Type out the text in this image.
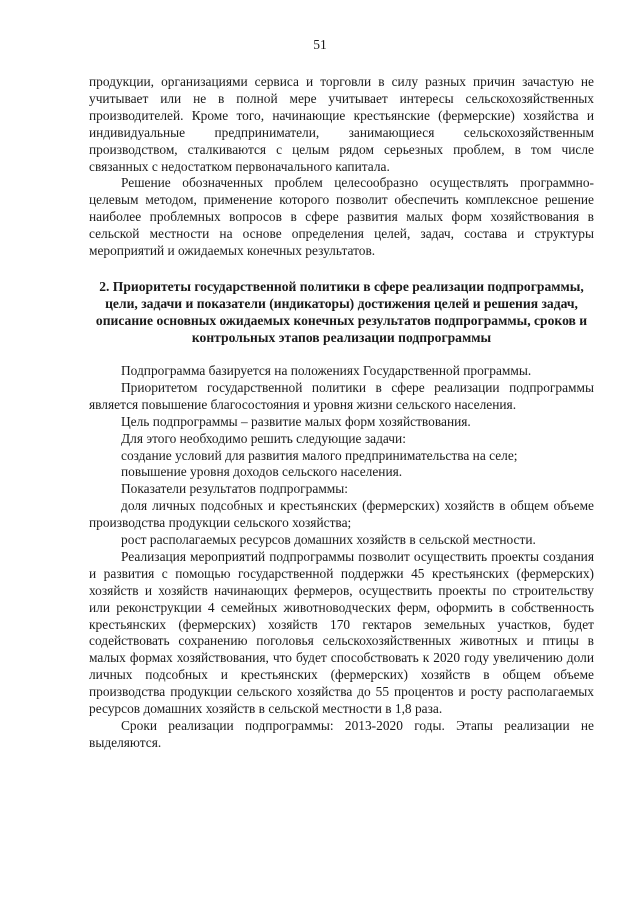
51

продукции, организациями сервиса и торговли в силу разных причин зачастую не учитывает или не в полной мере учитывает интересы сельскохозяйственных производителей. Кроме того, начинающие крестьянские (фермерские) хозяйства и индивидуальные предприниматели, занимающиеся сельскохозяйственным производством, сталкиваются с целым рядом серьезных проблем, в том числе связанных с недостатком первоначального капитала.

Решение обозначенных проблем целесообразно осуществлять программно-целевым методом, применение которого позволит обеспечить комплексное решение наиболее проблемных вопросов в сфере развития малых форм хозяйствования в сельской местности на основе определения целей, задач, состава и структуры мероприятий и ожидаемых конечных результатов.

2. Приоритеты государственной политики в сфере реализации подпрограммы, цели, задачи и показатели (индикаторы) достижения целей и решения задач, описание основных ожидаемых конечных результатов подпрограммы, сроков и контрольных этапов реализации подпрограммы

Подпрограмма базируется на положениях Государственной программы.

Приоритетом государственной политики в сфере реализации подпрограммы является повышение благосостояния и уровня жизни сельского населения.

Цель подпрограммы – развитие малых форм хозяйствования.

Для этого необходимо решить следующие задачи:

создание условий для развития малого предпринимательства на селе;

повышение уровня доходов сельского населения.

Показатели результатов подпрограммы:

доля личных подсобных и крестьянских (фермерских) хозяйств в общем объеме производства продукции сельского хозяйства;

рост располагаемых ресурсов домашних хозяйств в сельской местности.

Реализация мероприятий подпрограммы позволит осуществить проекты создания и развития с помощью государственной поддержки 45 крестьянских (фермерских) хозяйств и хозяйств начинающих фермеров, осуществить проекты по строительству или реконструкции 4 семейных животноводческих ферм, оформить в собственность крестьянских (фермерских) хозяйств 170 гектаров земельных участков, будет содействовать сохранению поголовья сельскохозяйственных животных и птицы в малых формах хозяйствования, что будет способствовать к 2020 году увеличению доли личных подсобных и крестьянских (фермерских) хозяйств в общем объеме производства продукции сельского хозяйства до 55 процентов и росту располагаемых ресурсов домашних хозяйств в сельской местности в 1,8 раза.

Сроки реализации подпрограммы: 2013-2020 годы. Этапы реализации не выделяются.
